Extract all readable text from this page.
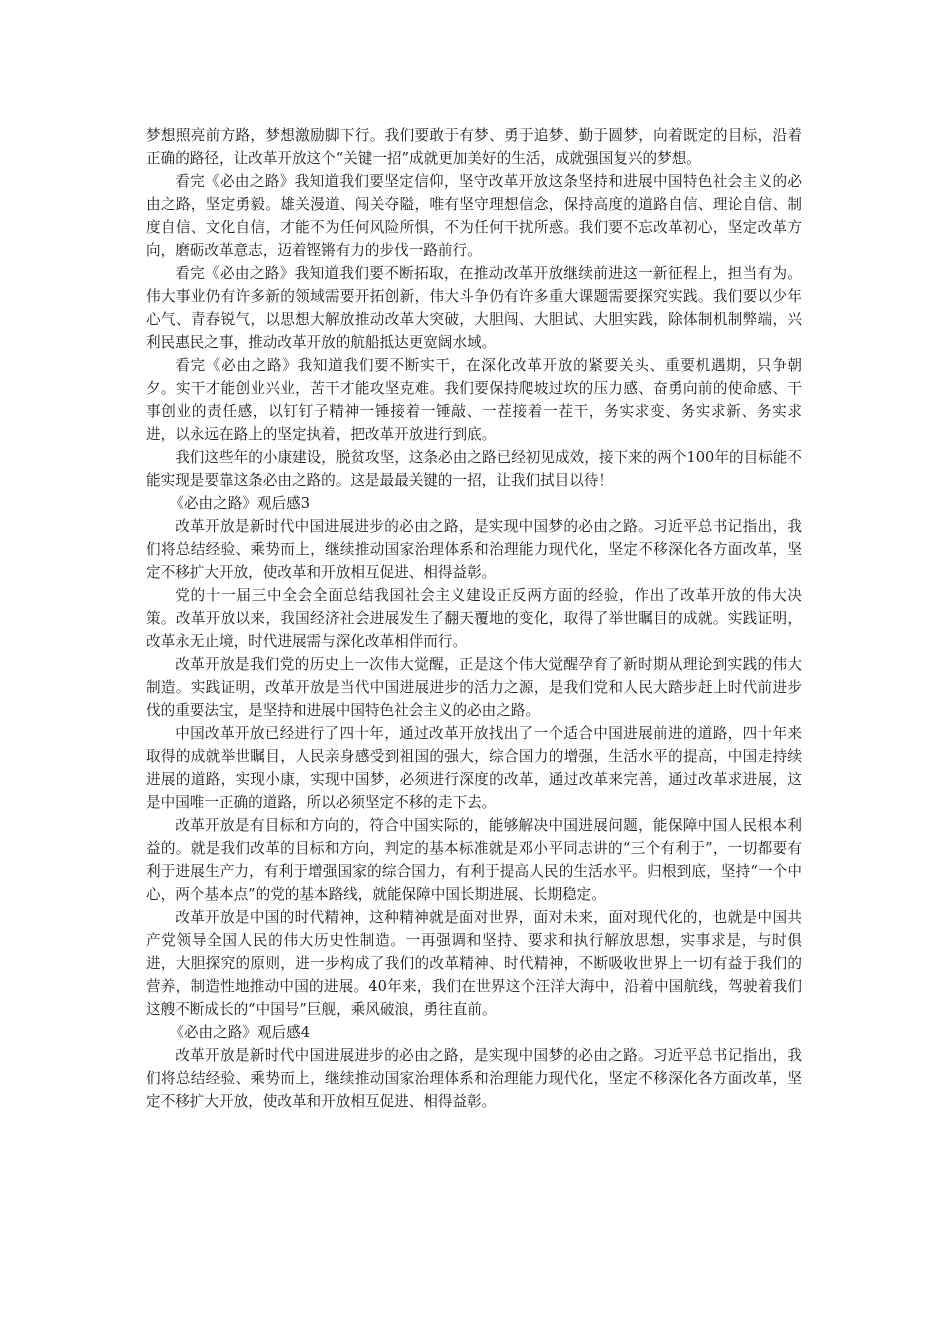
梦想照亮前方路，梦想激励脚下行。我们要敢于有梦、勇于追梦、勤于圆梦，向着既定的目标，沿着正确的路径，让改革开放这个“关键一招”成就更加美好的生活，成就强国复兴的梦想。

看完《必由之路》我知道我们要坚定信仰，坚守改革开放这条坚持和进展中国特色社会主义的必由之路，坚定勇毅。雄关漫道、闯关夺隘，唯有坚守理想信念，保持高度的道路自信、理论自信、制度自信、文化自信，才能不为任何风险所惧，不为任何干扰所惑。我们要不忘改革初心，坚定改革方向，磨砺改革意志，迈着铿锵有力的步伐一路前行。

看完《必由之路》我知道我们要不断拓取，在推动改革开放继续前进这一新征程上，担当有为。伟大事业仍有许多新的领域需要开拓创新，伟大斗争仍有许多重大课题需要探究实践。我们要以少年心气、青春锐气，以思想大解放推动改革大突破，大胆闯、大胆试、大胆实践，除体制机制弊端，兴利民惠民之事，推动改革开放的航船抵达更宽阔水域。

看完《必由之路》我知道我们要不断实干，在深化改革开放的紧要关头、重要机遇期，只争朝夕。实干才能创业兴业，苦干才能攻坚克难。我们要保持爬坡过坎的压力感、奋勇向前的使命感、干事创业的责任感，以钉钉子精神一锤接着一锤敲、一茬接着一茬干，务实求变、务实求新、务实求进，以永远在路上的坚定执着，把改革开放进行到底。

我们这些年的小康建设，脱贫攻坚，这条必由之路已经初见成效，接下来的两个100年的目标能不能实现是要靠这条必由之路的。这是最最关键的一招，让我们拭目以待！

《必由之路》观后感3

改革开放是新时代中国进展进步的必由之路，是实现中国梦的必由之路。习近平总书记指出，我们将总结经验、乘势而上，继续推动国家治理体系和治理能力现代化，坚定不移深化各方面改革，坚定不移扩大开放，使改革和开放相互促进、相得益彰。

党的十一届三中全会全面总结我国社会主义建设正反两方面的经验，作出了改革开放的伟大决策。改革开放以来，我国经济社会进展发生了翻天覆地的变化，取得了举世瞩目的成就。实践证明，改革永无止境，时代进展需与深化改革相伴而行。

改革开放是我们党的历史上一次伟大觉醒，正是这个伟大觉醒孕育了新时期从理论到实践的伟大制造。实践证明，改革开放是当代中国进展进步的活力之源，是我们党和人民大踏步赶上时代前进步伐的重要法宝，是坚持和进展中国特色社会主义的必由之路。

中国改革开放已经进行了四十年，通过改革开放找出了一个适合中国进展前进的道路，四十年来取得的成就举世瞩目，人民亲身感受到祖国的强大，综合国力的增强，生活水平的提高，中国走持续进展的道路，实现小康，实现中国梦，必须进行深度的改革，通过改革来完善，通过改革求进展，这是中国唯一正确的道路，所以必须坚定不移的走下去。

改革开放是有目标和方向的，符合中国实际的，能够解决中国进展问题，能保障中国人民根本利益的。就是我们改革的目标和方向，判定的基本标准就是邓小平同志讲的“三个有利于”，一切都要有利于进展生产力，有利于增强国家的综合国力，有利于提高人民的生活水平。归根到底，坚持“一个中心，两个基本点”的党的基本路线，就能保障中国长期进展、长期稳定。

改革开放是中国的时代精神，这种精神就是面对世界，面对未来，面对现代化的，也就是中国共产党领导全国人民的伟大历史性制造。一再强调和坚持、要求和执行解放思想，实事求是，与时俱进，大胆探究的原则，进一步构成了我们的改革精神、时代精神，不断吸收世界上一切有益于我们的营养，制造性地推动中国的进展。40年来，我们在世界这个汪洋大海中，沿着中国航线，驾驶着我们这艘不断成长的“中国号”巨舰，乘风破浪，勇往直前。

《必由之路》观后感4

改革开放是新时代中国进展进步的必由之路，是实现中国梦的必由之路。习近平总书记指出，我们将总结经验、乘势而上，继续推动国家治理体系和治理能力现代化，坚定不移深化各方面改革，坚定不移扩大开放，使改革和开放相互促进、相得益彰。
